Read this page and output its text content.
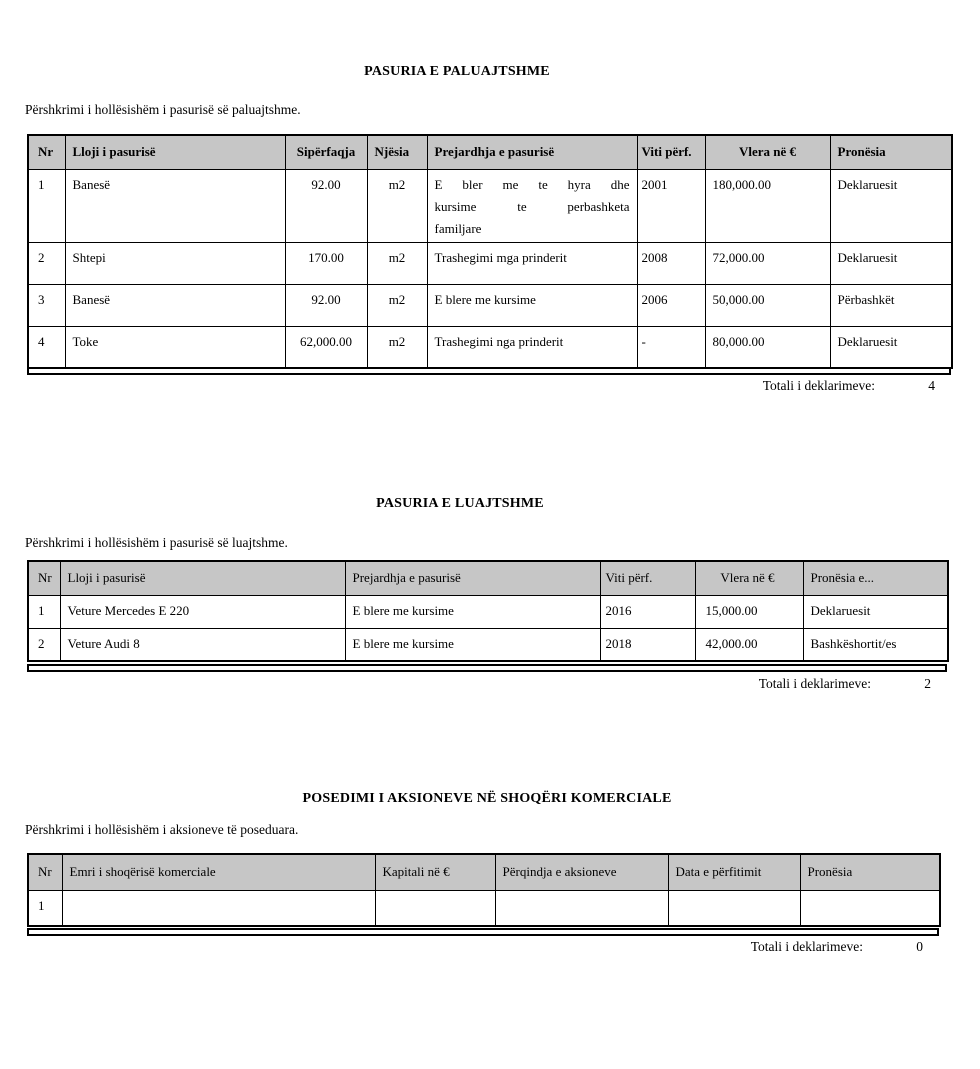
PASURIA E PALUAJTSHME
Përshkrimi i hollësishëm i pasurisë së paluajtshme.
Nr	Lloji i pasurisë	Sipërfaqja	Njësia	Prejardhja e pasurisë	Viti përf.	Vlera në €	Pronësia
1	Banesë	92.00	m2	E bler me te hyra dhe kursime te perbashketa familjare	2001	180,000.00	Deklaruesit
2	Shtepi	170.00	m2	Trashegimi mga prinderit	2008	72,000.00	Deklaruesit
3	Banesë	92.00	m2	E blere me kursime	2006	50,000.00	Përbashkët
4	Toke	62,000.00	m2	Trashegimi nga prinderit	-	80,000.00	Deklaruesit
Totali i deklarimeve:	4
PASURIA E LUAJTSHME
Përshkrimi i hollësishëm i pasurisë së luajtshme.
Nr	Lloji i pasurisë	Prejardhja e pasurisë	Viti përf.	Vlera në €	Pronësia e...
1	Veture Mercedes E 220	E blere me kursime	2016	15,000.00	Deklaruesit
2	Veture Audi 8	E blere me kursime	2018	42,000.00	Bashkëshortit/es
Totali i deklarimeve:	2
POSEDIMI I AKSIONEVE NË SHOQËRI KOMERCIALE
Përshkrimi i hollësishëm i aksioneve të poseduara.
Nr	Emri i shoqërisë komerciale	Kapitali në €	Përqindja e aksioneve	Data e përfitimit	Pronësia
1					
Totali i deklarimeve:	0
